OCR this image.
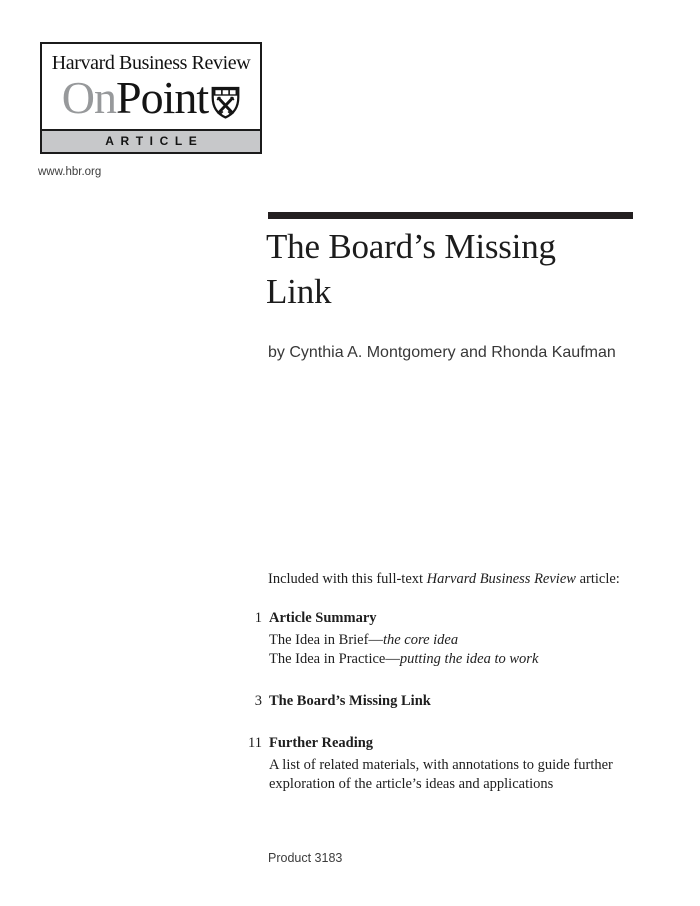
Harvard Business Review
OnPoint
ARTICLE
www.hbr.org
The Board’s Missing
Link
by Cynthia A. Montgomery and Rhonda Kaufman
Included with this full-text Harvard Business Review article:
1 Article Summary
The Idea in Brief—the core idea
The Idea in Practice—putting the idea to work
3 The Board’s Missing Link
11 Further Reading
A list of related materials, with annotations to guide further exploration of the article’s ideas and applications
Product 3183
